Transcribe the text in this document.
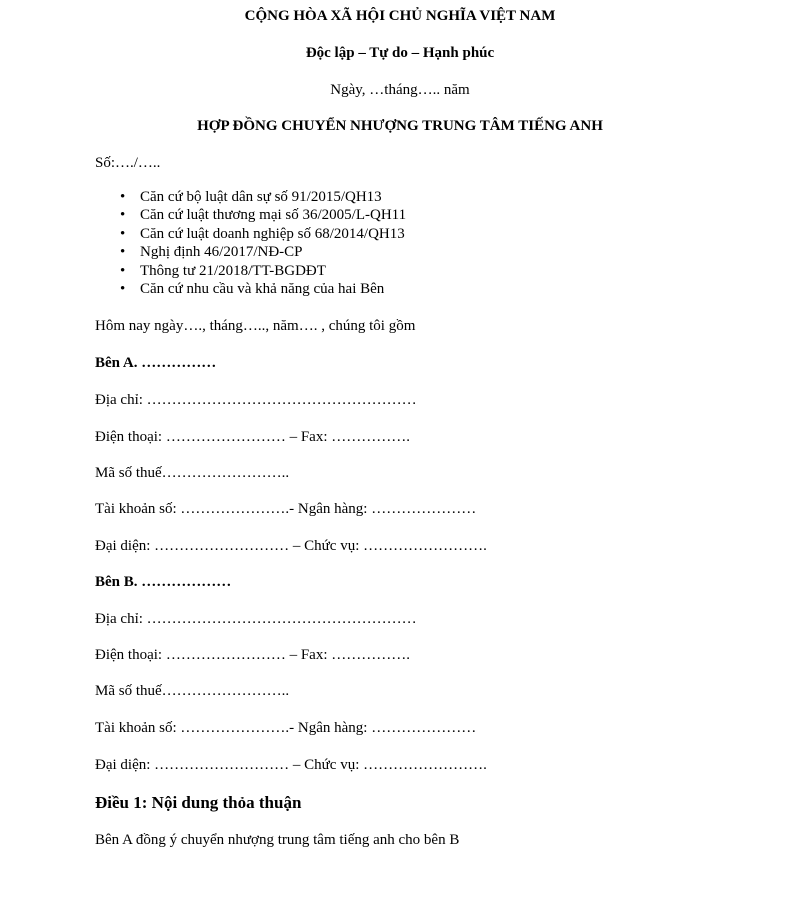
CỘNG HÒA XÃ HỘI CHỦ NGHĨA VIỆT NAM
Độc lập – Tự do – Hạnh phúc
Ngày, …tháng….. năm
HỢP ĐỒNG CHUYỂN NHƯỢNG TRUNG TÂM TIẾNG ANH
Số:…./…..
• Căn cứ bộ luật dân sự số 91/2015/QH13
• Căn cứ luật thương mại số 36/2005/L-QH11
• Căn cứ luật doanh nghiệp số 68/2014/QH13
• Nghị định 46/2017/NĐ-CP
• Thông tư 21/2018/TT-BGDĐT
• Căn cứ nhu cầu và khả năng của hai Bên
Hôm nay ngày…., tháng….., năm…. , chúng tôi gồm
Bên A. ……………
Địa chỉ: ………………………………………………
Điện thoại: …………………… – Fax: …………….
Mã số thuế……………………..
Tài khoản số: ………………….- Ngân hàng: …………………
Đại diện: ……………………… – Chức vụ: …………………….
Bên B. ………………
Địa chỉ: ………………………………………………
Điện thoại: …………………… – Fax: …………….
Mã số thuế……………………..
Tài khoản số: ………………….- Ngân hàng: …………………
Đại diện: ……………………… – Chức vụ: …………………….
Điều 1: Nội dung thỏa thuận
Bên A đồng ý chuyển nhượng trung tâm tiếng anh cho bên B
